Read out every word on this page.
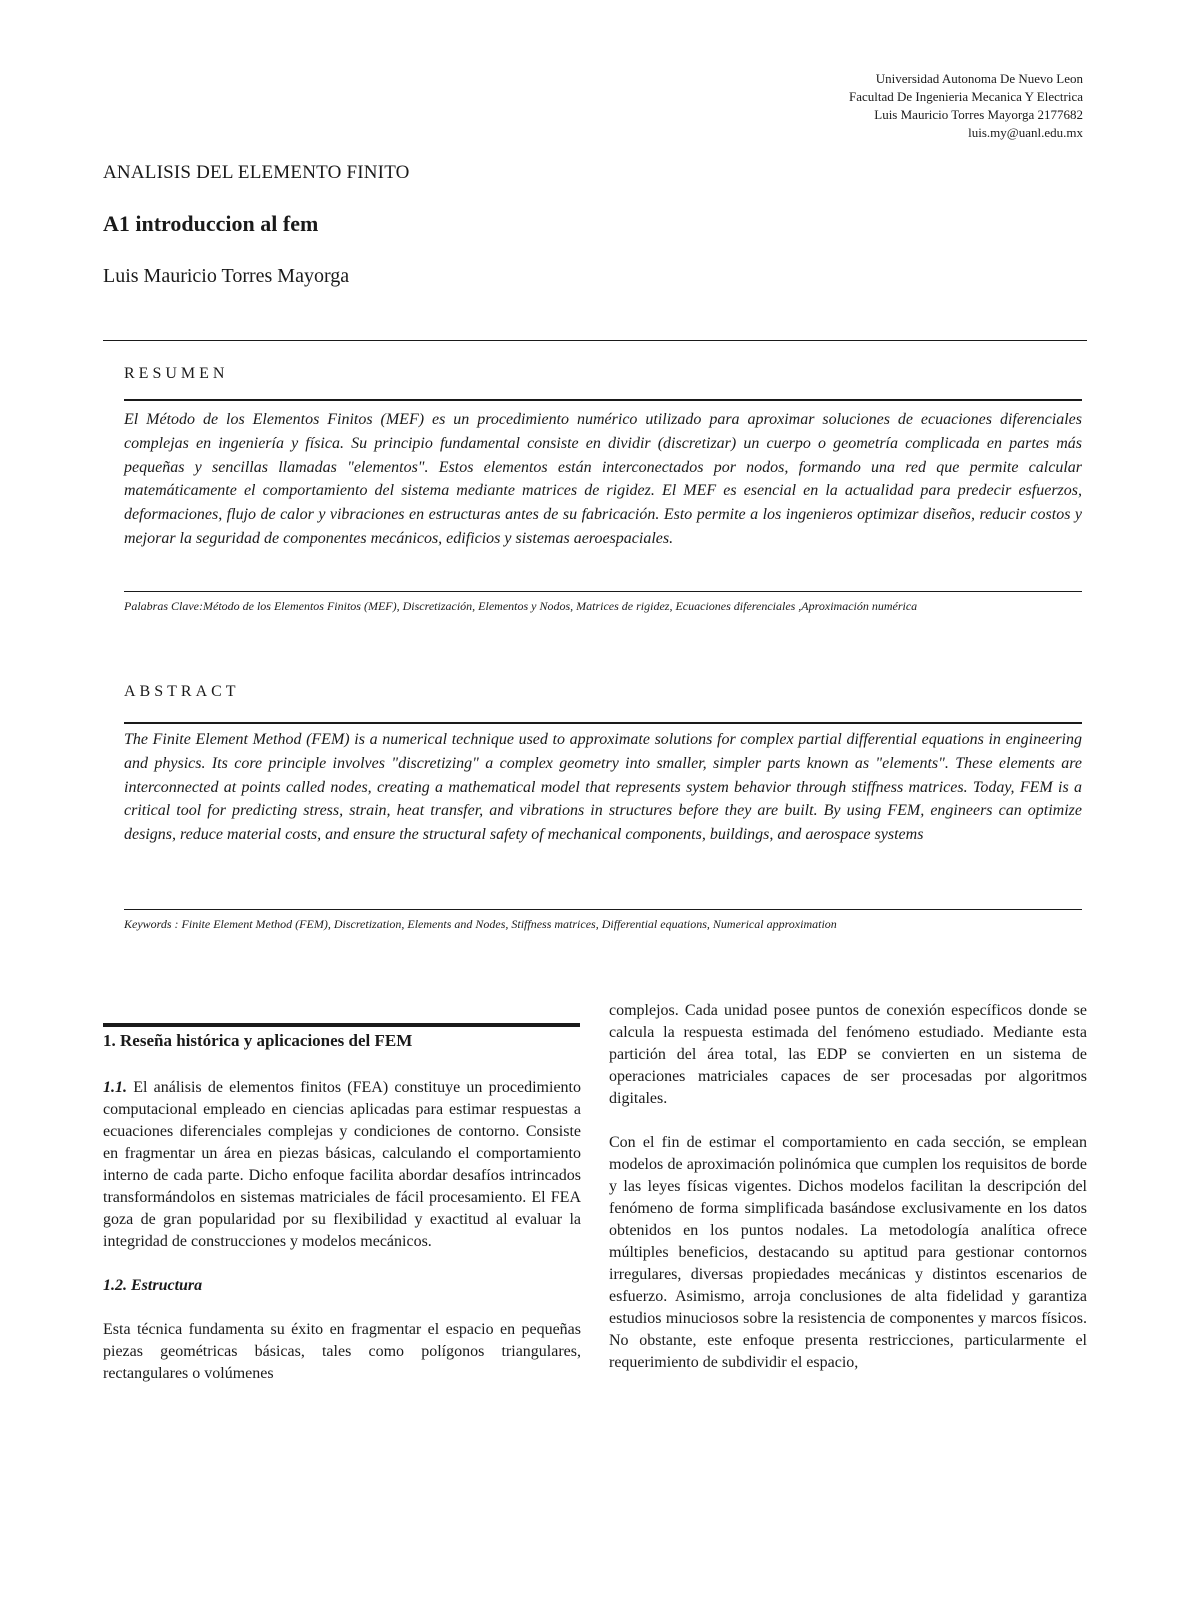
Universidad Autonoma De Nuevo Leon
Facultad De Ingenieria Mecanica Y Electrica
Luis Mauricio Torres Mayorga 2177682
luis.my@uanl.edu.mx
ANALISIS DEL ELEMENTO FINITO
A1 introduccion al fem
Luis Mauricio Torres Mayorga
RESUMEN
El Método de los Elementos Finitos (MEF) es un procedimiento numérico utilizado para aproximar soluciones de ecuaciones diferenciales complejas en ingeniería y física. Su principio fundamental consiste en dividir (discretizar) un cuerpo o geometría complicada en partes más pequeñas y sencillas llamadas "elementos". Estos elementos están interconectados por nodos, formando una red que permite calcular matemáticamente el comportamiento del sistema mediante matrices de rigidez. El MEF es esencial en la actualidad para predecir esfuerzos, deformaciones, flujo de calor y vibraciones en estructuras antes de su fabricación. Esto permite a los ingenieros optimizar diseños, reducir costos y mejorar la seguridad de componentes mecánicos, edificios y sistemas aeroespaciales.
Palabras Clave:Método de los Elementos Finitos (MEF), Discretización, Elementos y Nodos, Matrices de rigidez, Ecuaciones diferenciales ,Aproximación numérica
ABSTRACT
The Finite Element Method (FEM) is a numerical technique used to approximate solutions for complex partial differential equations in engineering and physics. Its core principle involves "discretizing" a complex geometry into smaller, simpler parts known as "elements". These elements are interconnected at points called nodes, creating a mathematical model that represents system behavior through stiffness matrices. Today, FEM is a critical tool for predicting stress, strain, heat transfer, and vibrations in structures before they are built. By using FEM, engineers can optimize designs, reduce material costs, and ensure the structural safety of mechanical components, buildings, and aerospace systems
Keywords : Finite Element Method (FEM), Discretization, Elements and Nodes, Stiffness matrices, Differential equations, Numerical approximation
1. Reseña histórica y aplicaciones del FEM

1.1. El análisis de elementos finitos (FEA) constituye un procedimiento computacional empleado en ciencias aplicadas para estimar respuestas a ecuaciones diferenciales complejas y condiciones de contorno. Consiste en fragmentar un área en piezas básicas, calculando el comportamiento interno de cada parte. Dicho enfoque facilita abordar desafíos intrincados transformándolos en sistemas matriciales de fácil procesamiento. El FEA goza de gran popularidad por su flexibilidad y exactitud al evaluar la integridad de construcciones y modelos mecánicos.

1.2. Estructura

Esta técnica fundamenta su éxito en fragmentar el espacio en pequeñas piezas geométricas básicas, tales como polígonos triangulares, rectangulares o volúmenes

complejos. Cada unidad posee puntos de conexión específicos donde se calcula la respuesta estimada del fenómeno estudiado. Mediante esta partición del área total, las EDP se convierten en un sistema de operaciones matriciales capaces de ser procesadas por algoritmos digitales.

Con el fin de estimar el comportamiento en cada sección, se emplean modelos de aproximación polinómica que cumplen los requisitos de borde y las leyes físicas vigentes. Dichos modelos facilitan la descripción del fenómeno de forma simplificada basándose exclusivamente en los datos obtenidos en los puntos nodales. La metodología analítica ofrece múltiples beneficios, destacando su aptitud para gestionar contornos irregulares, diversas propiedades mecánicas y distintos escenarios de esfuerzo. Asimismo, arroja conclusiones de alta fidelidad y garantiza estudios minuciosos sobre la resistencia de componentes y marcos físicos. No obstante, este enfoque presenta restricciones, particularmente el requerimiento de subdividir el espacio,
